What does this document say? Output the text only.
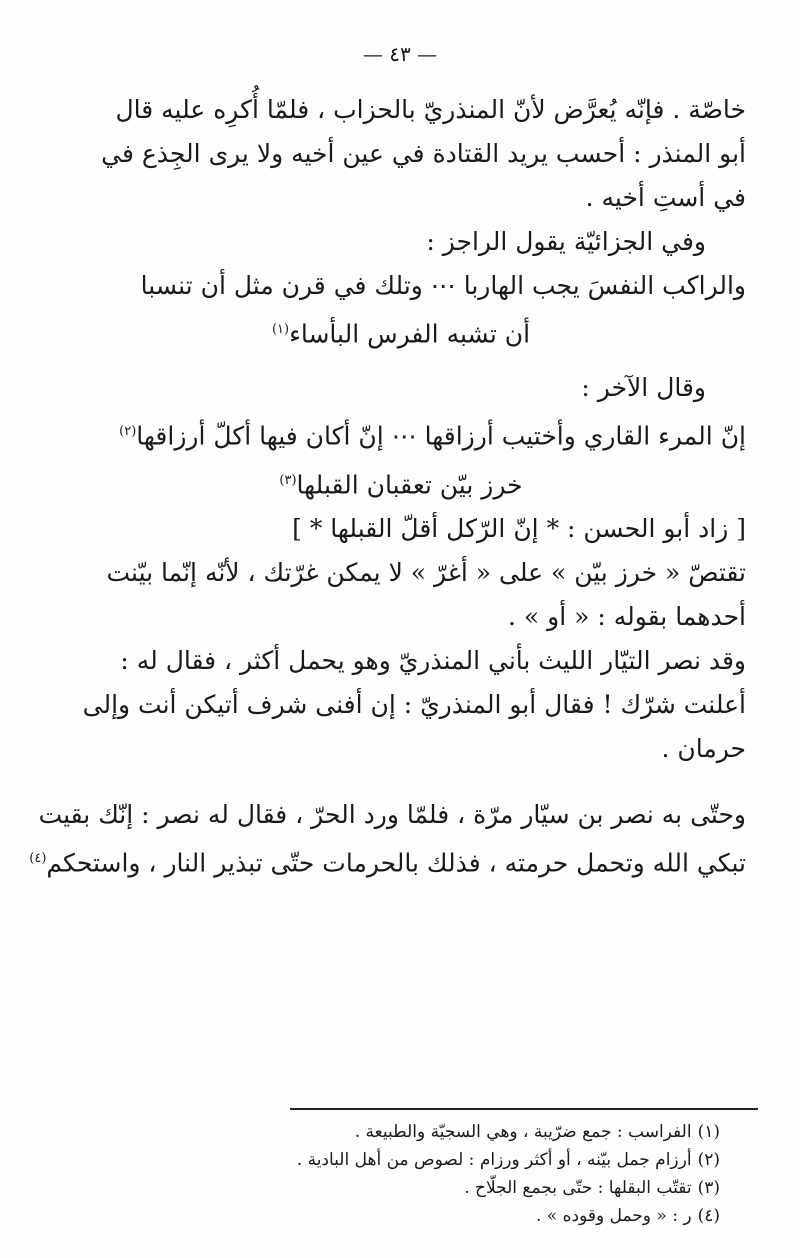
— ٤٣ —
خاصّة . فإنّه يُعرَّض لأنّ المنذريّ بالحزاب ، فلمّا أُكرِه عليه قال
أبو المنذر : أحسب يريد القتادة في عين أخيه ولا يرى الجِذع في
في أستِ أخيه .
وفي الجزائيّة يقول الراجز :
والراكب النفسَ يجب الهاربا ⋯ وتلك في قرن مثل أن تنسبا
أن تشبه الفرس البأساء$^{(١)}$
وقال الآخر :
إنّ المرء القاري وأختيب أرزاقها ⋯ إنّ أكان فيها أكلّ أرزاقها$^{(٢)}$
خرز بيّن تعقبان القبلها$^{(٣)}$
[ زاد أبو الحسن : * إنّ الرّكل أقلّ القبلها * ]
تقتصّ « خرز بيّن » على « أغرّ » لا يمكن غرّتك ، لأنّه إنّما بيّنت
أحدهما بقوله : « أو » .
وقد نصر التيّار الليث بأني المنذريّ وهو يحمل أكثر ، فقال له :
أعلنت شرّك ! فقال أبو المنذريّ : إن أفنى شرف أتيكن أنت وإلى
حرمان .
وحتّى به نصر بن سيّار مرّة ، فلمّا ورد الحرّ ، فقال له نصر : إنّك بقيت
تبكي الله وتحمل حرمته ، فذلك بالحرمات حتّى تبذير النار ، واستحكم$^{(٤)}$
(١)الفراسب : جمع ضرّيبة ، وهي السجيّة والطبيعة .
(٢)أرزام جمل بيّنه ، أو أكثر ورزام : لصوص من أهل البادية .
(٣)تقتّب البقلها : حتّى بجمع الجلّاح .
(٤)ر : « وحمل وقوده » .
